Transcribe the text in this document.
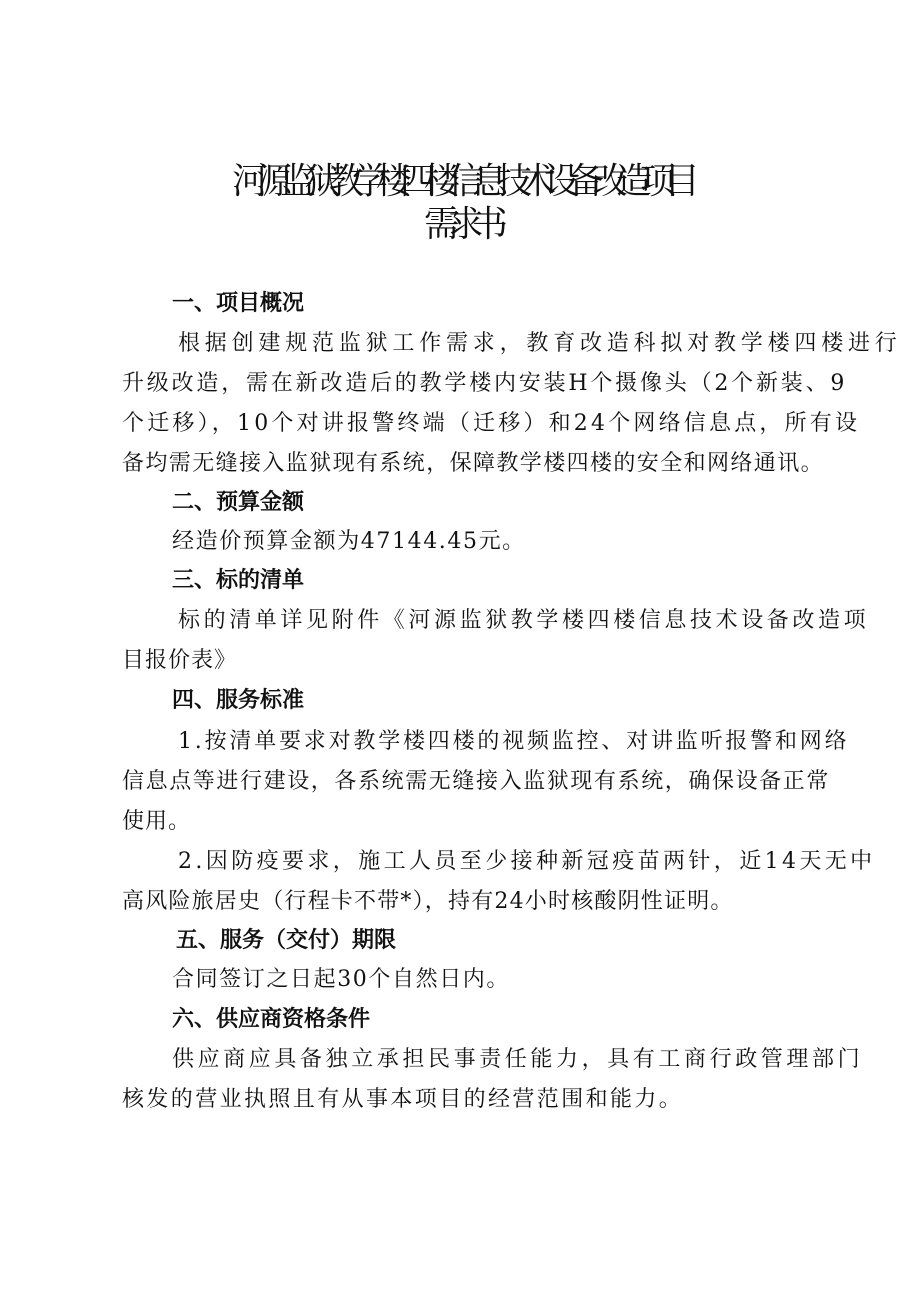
河源监狱教学楼四楼信息技术设备改造项目
需求书
一、项目概况
根据创建规范监狱工作需求，教育改造科拟对教学楼四楼进行
升级改造，需在新改造后的教学楼内安装H个摄像头（2个新装、9
个迁移），10个对讲报警终端（迁移）和24个网络信息点，所有设
备均需无缝接入监狱现有系统，保障教学楼四楼的安全和网络通讯。
二、预算金额
经造价预算金额为47144.45元。
三、标的清单
标的清单详见附件《河源监狱教学楼四楼信息技术设备改造项
目报价表》
四、服务标准
1.按清单要求对教学楼四楼的视频监控、对讲监听报警和网络
信息点等进行建设，各系统需无缝接入监狱现有系统，确保设备正常
使用。
2.因防疫要求，施工人员至少接种新冠疫苗两针，近14天无中
高风险旅居史（行程卡不带*），持有24小时核酸阴性证明。
五、服务（交付）期限
合同签订之日起30个自然日内。
六、供应商资格条件
供应商应具备独立承担民事责任能力，具有工商行政管理部门
核发的营业执照且有从事本项目的经营范围和能力。
